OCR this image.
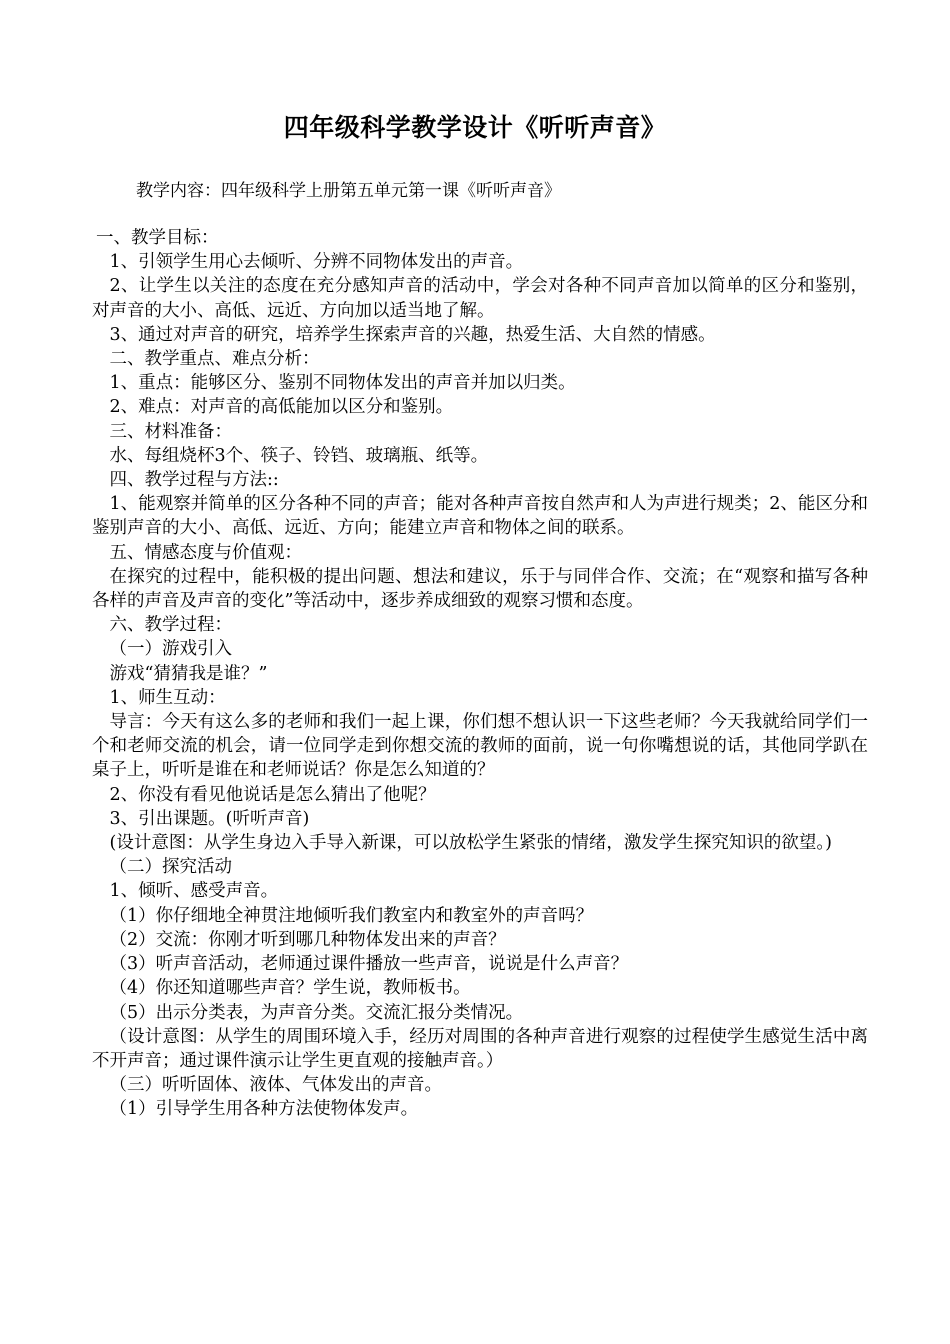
四年级科学教学设计《听听声音》
教学内容：四年级科学上册第五单元第一课《听听声音》

一、教学目标：

1、引领学生用心去倾听、分辨不同物体发出的声音。

2、让学生以关注的态度在充分感知声音的活动中，学会对各种不同声音加以简单的区分和鉴别，对声音的大小、高低、远近、方向加以适当地了解。

3、通过对声音的研究，培养学生探索声音的兴趣，热爱生活、大自然的情感。

二、教学重点、难点分析：

1、重点：能够区分、鉴别不同物体发出的声音并加以归类。

2、难点：对声音的高低能加以区分和鉴别。

三、材料准备：

水、每组烧杯3个、筷子、铃铛、玻璃瓶、纸等。

四、教学过程与方法::

1、能观察并简单的区分各种不同的声音；能对各种声音按自然声和人为声进行规类；2、能区分和鉴别声音的大小、高低、远近、方向；能建立声音和物体之间的联系。

五、情感态度与价值观：

在探究的过程中，能积极的提出问题、想法和建议，乐于与同伴合作、交流；在“观察和描写各种各样的声音及声音的变化”等活动中，逐步养成细致的观察习惯和态度。

六、教学过程：

（一）游戏引入

游戏“猜猜我是谁？”

1、师生互动：

导言：今天有这么多的老师和我们一起上课，你们想不想认识一下这些老师？今天我就给同学们一个和老师交流的机会，请一位同学走到你想交流的教师的面前，说一句你嘴想说的话，其他同学趴在桌子上，听听是谁在和老师说话？你是怎么知道的？

2、你没有看见他说话是怎么猜出了他呢？

3、引出课题。(听听声音)

(设计意图：从学生身边入手导入新课，可以放松学生紧张的情绪，激发学生探究知识的欲望。)

（二）探究活动

1、倾听、感受声音。

（1）你仔细地全神贯注地倾听我们教室内和教室外的声音吗？

（2）交流：你刚才听到哪几种物体发出来的声音？

（3）听声音活动，老师通过课件播放一些声音，说说是什么声音？

（4）你还知道哪些声音？学生说，教师板书。

（5）出示分类表，为声音分类。交流汇报分类情况。

（设计意图：从学生的周围环境入手，经历对周围的各种声音进行观察的过程使学生感觉生活中离不开声音；通过课件演示让学生更直观的接触声音。）

（三）听听固体、液体、气体发出的声音。

（1）引导学生用各种方法使物体发声。
